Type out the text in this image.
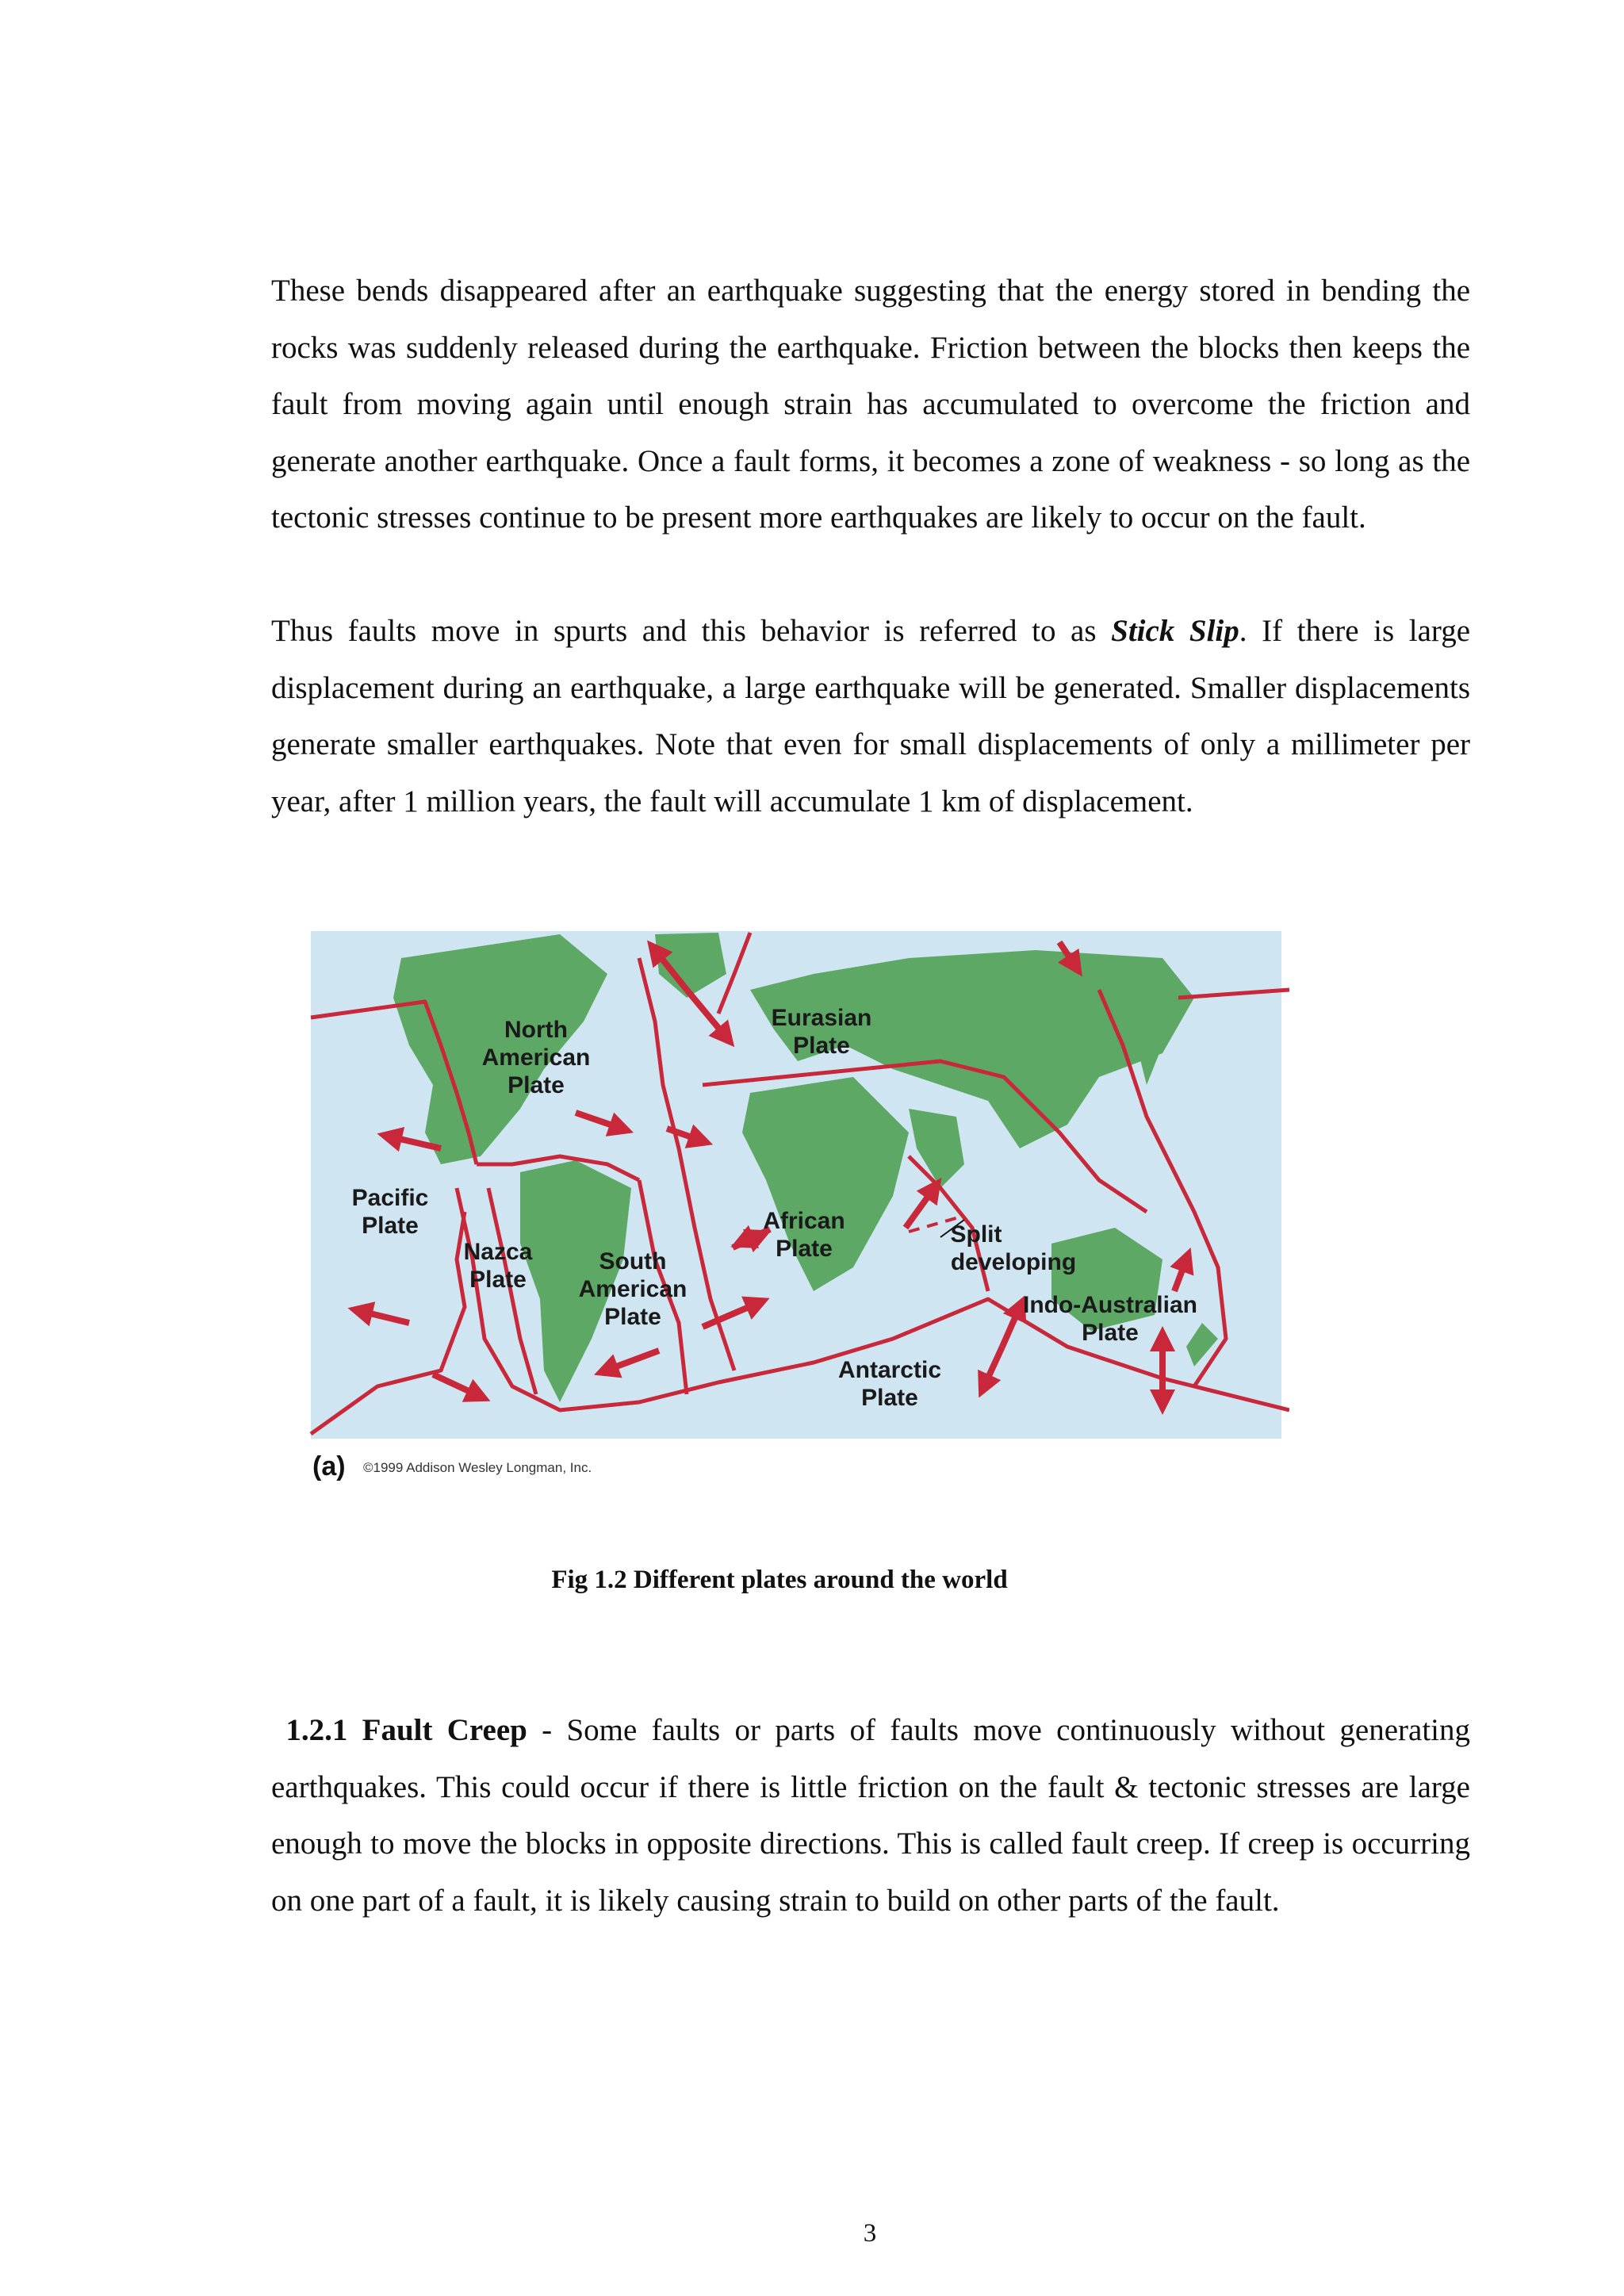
These bends disappeared after an earthquake suggesting that the energy stored in bending the rocks was suddenly released during the earthquake. Friction between the blocks then keeps the fault from moving again until enough strain has accumulated to overcome the friction and generate another earthquake. Once a fault forms, it becomes a zone of weakness - so long as the tectonic stresses continue to be present more earthquakes are likely to occur on the fault.

Thus faults move in spurts and this behavior is referred to as Stick Slip. If there is large displacement during an earthquake, a large earthquake will be generated. Smaller displacements generate smaller earthquakes. Note that even for small displacements of only a millimeter per year, after 1 million years, the fault will accumulate 1 km of displacement.

North
American
Plate
Eurasian
Plate
Pacific
Plate
Nazca
Plate
South
American
Plate
African
Plate
Split
developing
Indo-Australian
Plate
Antarctic
Plate
(a) ©1999 Addison Wesley Longman, Inc.
Fig 1.2 Different plates around the world

1.2.1 Fault Creep - Some faults or parts of faults move continuously without generating earthquakes. This could occur if there is little friction on the fault & tectonic stresses are large enough to move the blocks in opposite directions. This is called fault creep. If creep is occurring on one part of a fault, it is likely causing strain to build on other parts of the fault.

3
